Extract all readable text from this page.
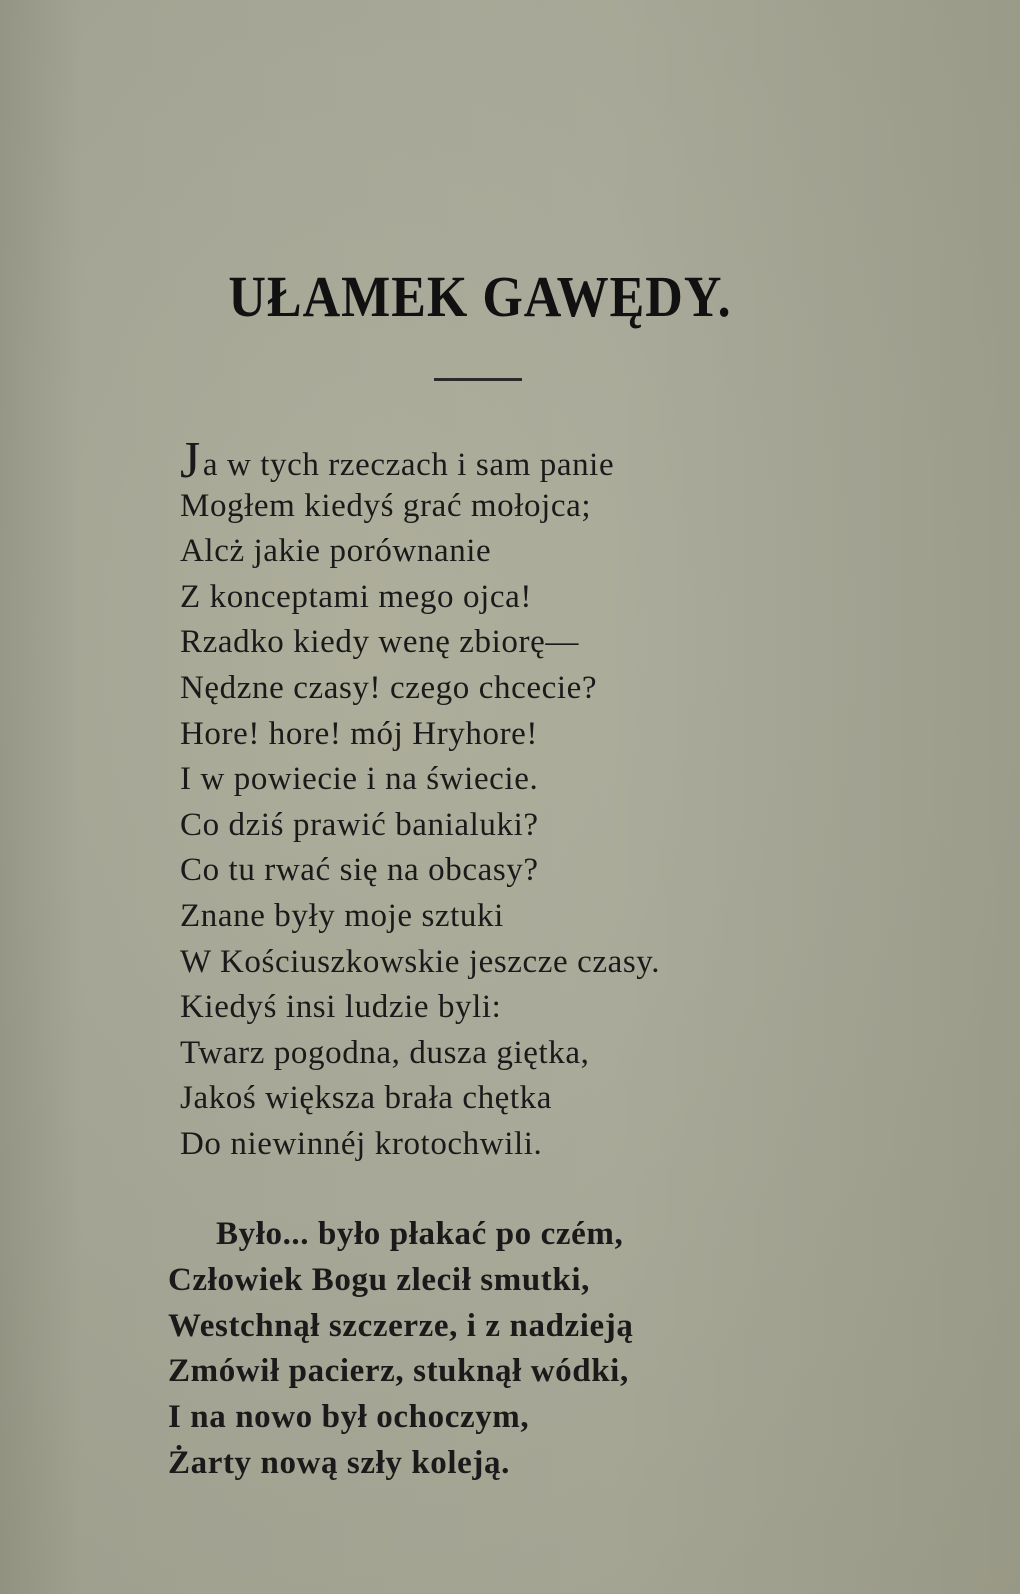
UŁAMEK GAWĘDY.
Ja w tych rzeczach i sam panie
Mogłem kiedyś grać mołojca;
Alcż jakie porównanie
Z konceptami mego ojca!
Rzadko kiedy wenę zbiorę—
Nędzne czasy! czego chcecie?
Hore! hore! mój Hryhore!
I w powiecie i na świecie.
Co dziś prawić banialuki?
Co tu rwać się na obcasy?
Znane były moje sztuki
W Kościuszkowskie jeszcze czasy.
Kiedyś insi ludzie byli:
Twarz pogodna, dusza giętka,
Jakoś większa brała chętka
Do niewinnéj krotochwili.
Było... było płakać po czém,
Człowiek Bogu zlecił smutki,
Westchnął szczerze, i z nadzieją
Zmówił pacierz, stuknął wódki,
I na nowo był ochoczym,
Żarty nową szły koleją.
